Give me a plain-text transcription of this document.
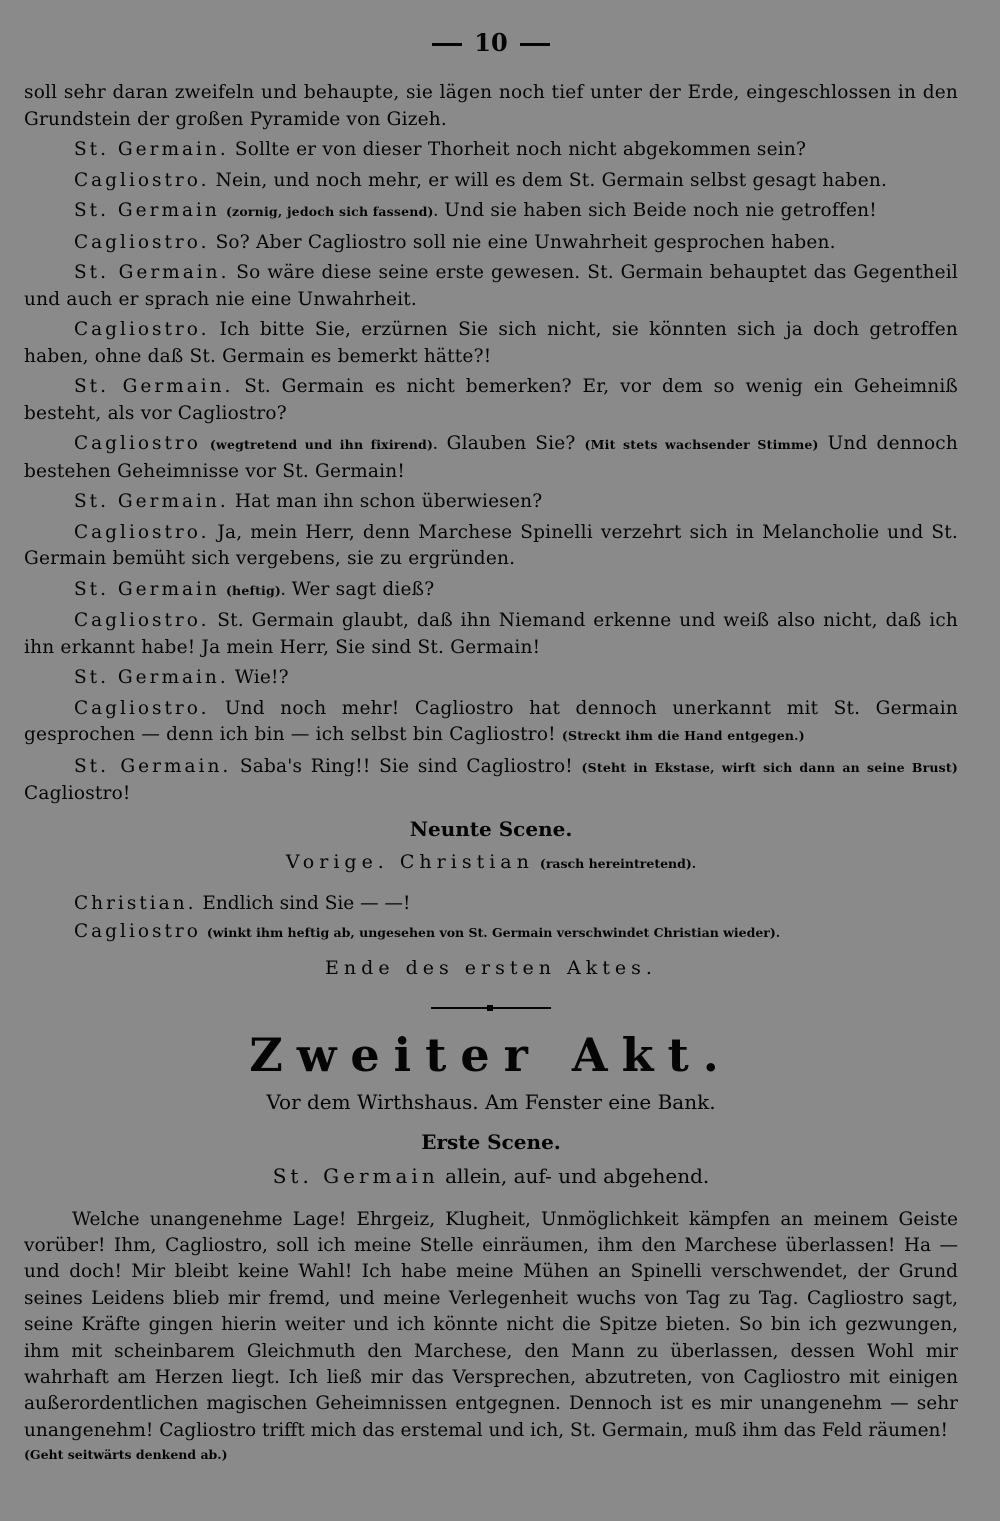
10

soll sehr daran zweifeln und behaupte, sie lägen noch tief unter der Erde, eingeschlossen in den Grundstein der großen Pyramide von Gizeh.

St. Germain. Sollte er von dieser Thorheit noch nicht abgekommen sein?

Cagliostro. Nein, und noch mehr, er will es dem St. Germain selbst gesagt haben.

St. Germain (zornig, jedoch sich fassend). Und sie haben sich Beide noch nie getroffen!

Cagliostro. So? Aber Cagliostro soll nie eine Unwahrheit gesprochen haben.

St. Germain. So wäre diese seine erste gewesen. St. Germain behauptet das Gegentheil und auch er sprach nie eine Unwahrheit.

Cagliostro. Ich bitte Sie, erzürnen Sie sich nicht, sie könnten sich ja doch getroffen haben, ohne daß St. Germain es bemerkt hätte?!

St. Germain. St. Germain es nicht bemerken? Er, vor dem so wenig ein Geheimniß besteht, als vor Cagliostro?

Cagliostro (wegtretend und ihn fixirend). Glauben Sie? (Mit stets wachsender Stimme) Und dennoch bestehen Geheimnisse vor St. Germain!

St. Germain. Hat man ihn schon überwiesen?

Cagliostro. Ja, mein Herr, denn Marchese Spinelli verzehrt sich in Melancholie und St. Germain bemüht sich vergebens, sie zu ergründen.

St. Germain (heftig). Wer sagt dieß?

Cagliostro. St. Germain glaubt, daß ihn Niemand erkenne und weiß also nicht, daß ich ihn erkannt habe! Ja mein Herr, Sie sind St. Germain!

St. Germain. Wie!?

Cagliostro. Und noch mehr! Cagliostro hat dennoch unerkannt mit St. Germain gesprochen — denn ich bin — ich selbst bin Cagliostro! (Streckt ihm die Hand entgegen.)

St. Germain. Saba's Ring!! Sie sind Cagliostro! (Steht in Ekstase, wirft sich dann an seine Brust) Cagliostro!

Neunte Scene.
Vorige. Christian (rasch hereintretend).
Christian. Endlich sind Sie — —!
Cagliostro (winkt ihm heftig ab, ungesehen von St. Germain verschwindet Christian wieder).
Ende des ersten Aktes.
Zweiter Akt.
Vor dem Wirthshaus. Am Fenster eine Bank.
Erste Scene.
St. Germain allein, auf- und abgehend.

Welche unangenehme Lage! Ehrgeiz, Klugheit, Unmöglichkeit kämpfen an meinem Geiste vorüber! Ihm, Cagliostro, soll ich meine Stelle einräumen, ihm den Marchese überlassen! Ha — und doch! Mir bleibt keine Wahl! Ich habe meine Mühen an Spinelli verschwendet, der Grund seines Leidens blieb mir fremd, und meine Verlegenheit wuchs von Tag zu Tag. Cagliostro sagt, seine Kräfte gingen hierin weiter und ich könnte nicht die Spitze bieten. So bin ich gezwungen, ihm mit scheinbarem Gleichmuth den Marchese, den Mann zu überlassen, dessen Wohl mir wahrhaft am Herzen liegt. Ich ließ mir das Versprechen, abzutreten, von Cagliostro mit einigen außerordentlichen magischen Geheimnissen entgegnen. Dennoch ist es mir unangenehm — sehr unangenehm! Cagliostro trifft mich das erstemal und ich, St. Germain, muß ihm das Feld räumen!

(Geht seitwärts denkend ab.)
